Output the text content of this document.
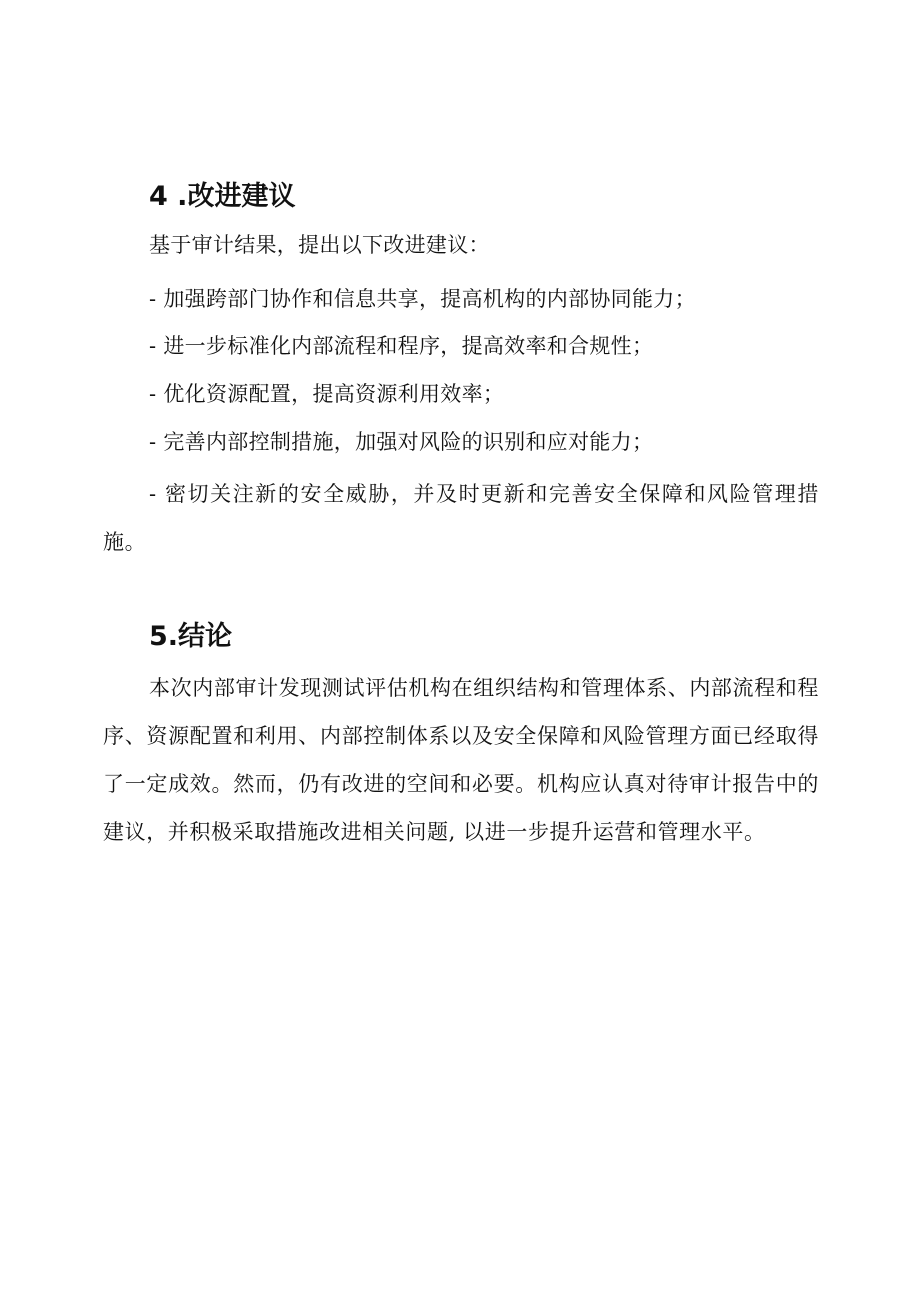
4 .改进建议
基于审计结果，提出以下改进建议：
- 加强跨部门协作和信息共享，提高机构的内部协同能力；
- 进一步标准化内部流程和程序，提高效率和合规性；
- 优化资源配置，提高资源利用效率；
- 完善内部控制措施，加强对风险的识别和应对能力；
- 密切关注新的安全威胁，并及时更新和完善安全保障和风险管理措施。
5.结论
本次内部审计发现测试评估机构在组织结构和管理体系、内部流程和程序、资源配置和利用、内部控制体系以及安全保障和风险管理方面已经取得了一定成效。然而，仍有改进的空间和必要。机构应认真对待审计报告中的建议，并积极采取措施改进相关问题, 以进一步提升运营和管理水平。
